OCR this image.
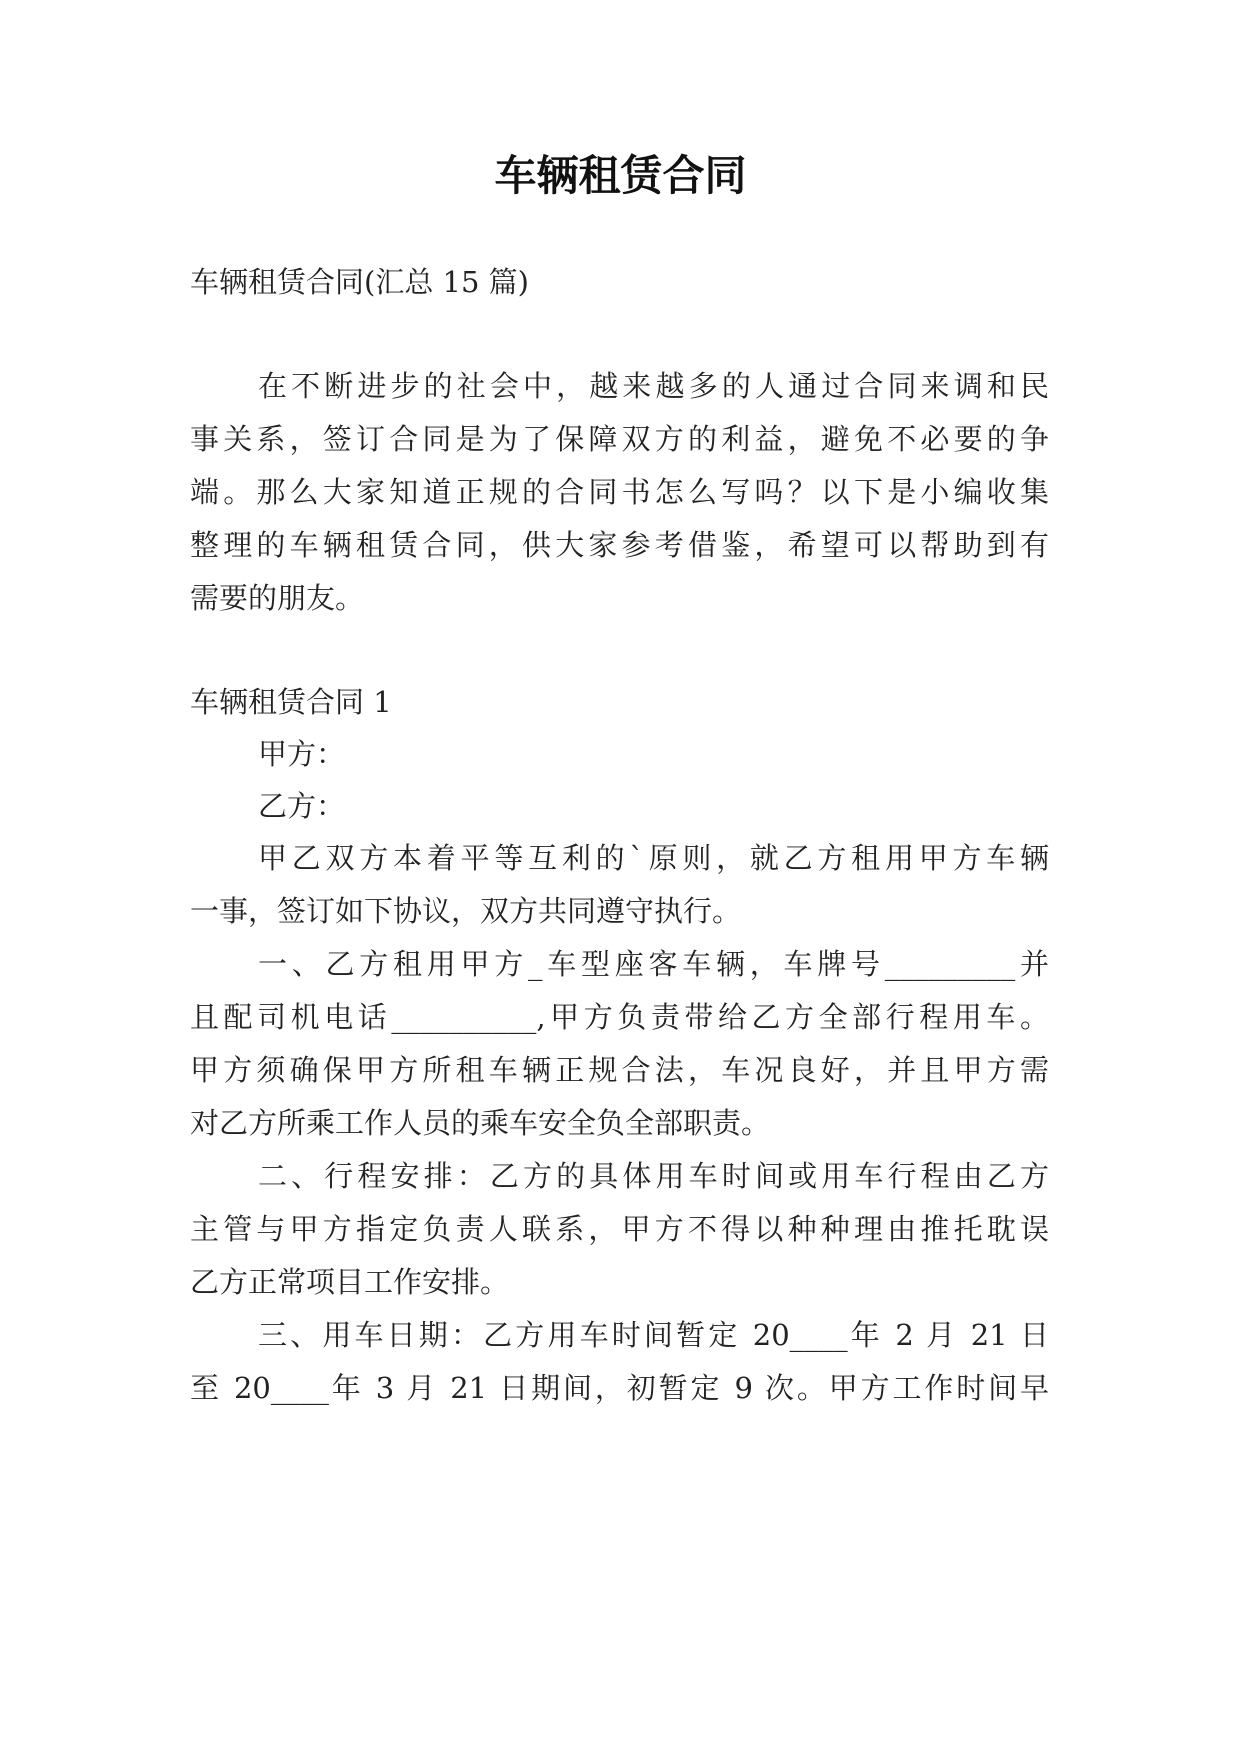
车辆租赁合同

车辆租赁合同(汇总 15 篇)

在不断进步的社会中，越来越多的人通过合同来调和民

事关系，签订合同是为了保障双方的利益，避免不必要的争

端。那么大家知道正规的合同书怎么写吗？以下是小编收集

整理的车辆租赁合同，供大家参考借鉴，希望可以帮助到有

需要的朋友。

车辆租赁合同 1

甲方：

乙方：

甲乙双方本着平等互利的`原则，就乙方租用甲方车辆

一事，签订如下协议，双方共同遵守执行。

一、乙方租用甲方_车型座客车辆，车牌号_________并

且配司机电话__________,甲方负责带给乙方全部行程用车。

甲方须确保甲方所租车辆正规合法，车况良好，并且甲方需

对乙方所乘工作人员的乘车安全负全部职责。

二、行程安排：乙方的具体用车时间或用车行程由乙方

主管与甲方指定负责人联系，甲方不得以种种理由推托耽误

乙方正常项目工作安排。

三、用车日期：乙方用车时间暂定 20____年 2 月 21 日

至 20____年 3 月 21 日期间，初暂定 9 次。甲方工作时间早
